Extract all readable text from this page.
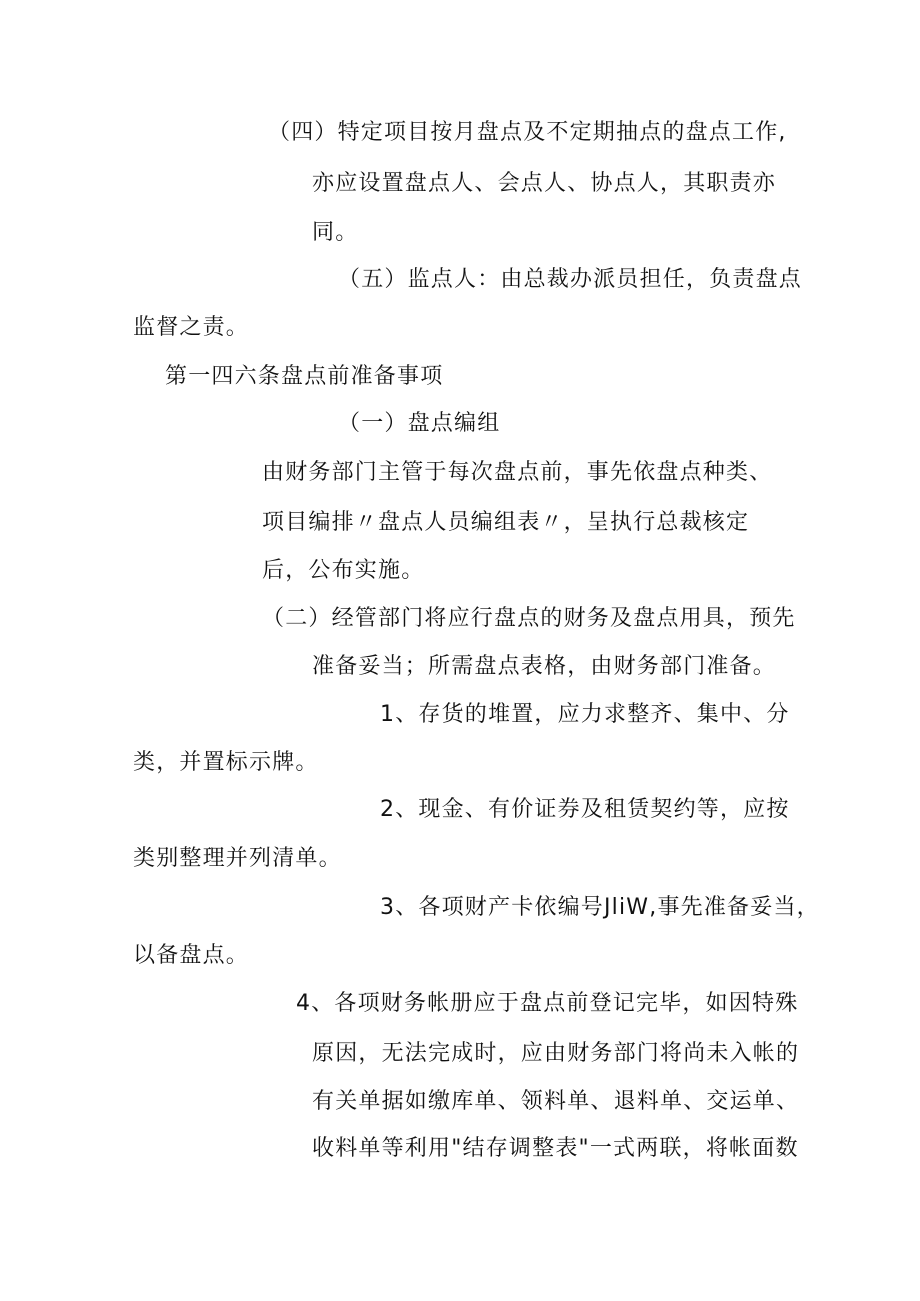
（四）特定项目按月盘点及不定期抽点的盘点工作,
亦应设置盘点人、会点人、协点人，其职责亦
同。
（五）监点人：由总裁办派员担任，负责盘点
监督之责。
第一四六条盘点前准备事项
（一）盘点编组
由财务部门主管于每次盘点前，事先依盘点种类、
项目编排〃盘点人员编组表〃，呈执行总裁核定
后，公布实施。
（二）经管部门将应行盘点的财务及盘点用具，预先
准备妥当；所需盘点表格，由财务部门准备。
1、存货的堆置，应力求整齐、集中、分
类，并置标示牌。
2、现金、有价证券及租赁契约等，应按
类别整理并列清单。
3、各项财产卡依编号JliW,事先准备妥当，
以备盘点。
4、各项财务帐册应于盘点前登记完毕，如因特殊
原因，无法完成时，应由财务部门将尚未入帐的
有关单据如缴库单、领料单、退料单、交运单、
收料单等利用"结存调整表"一式两联，将帐面数
